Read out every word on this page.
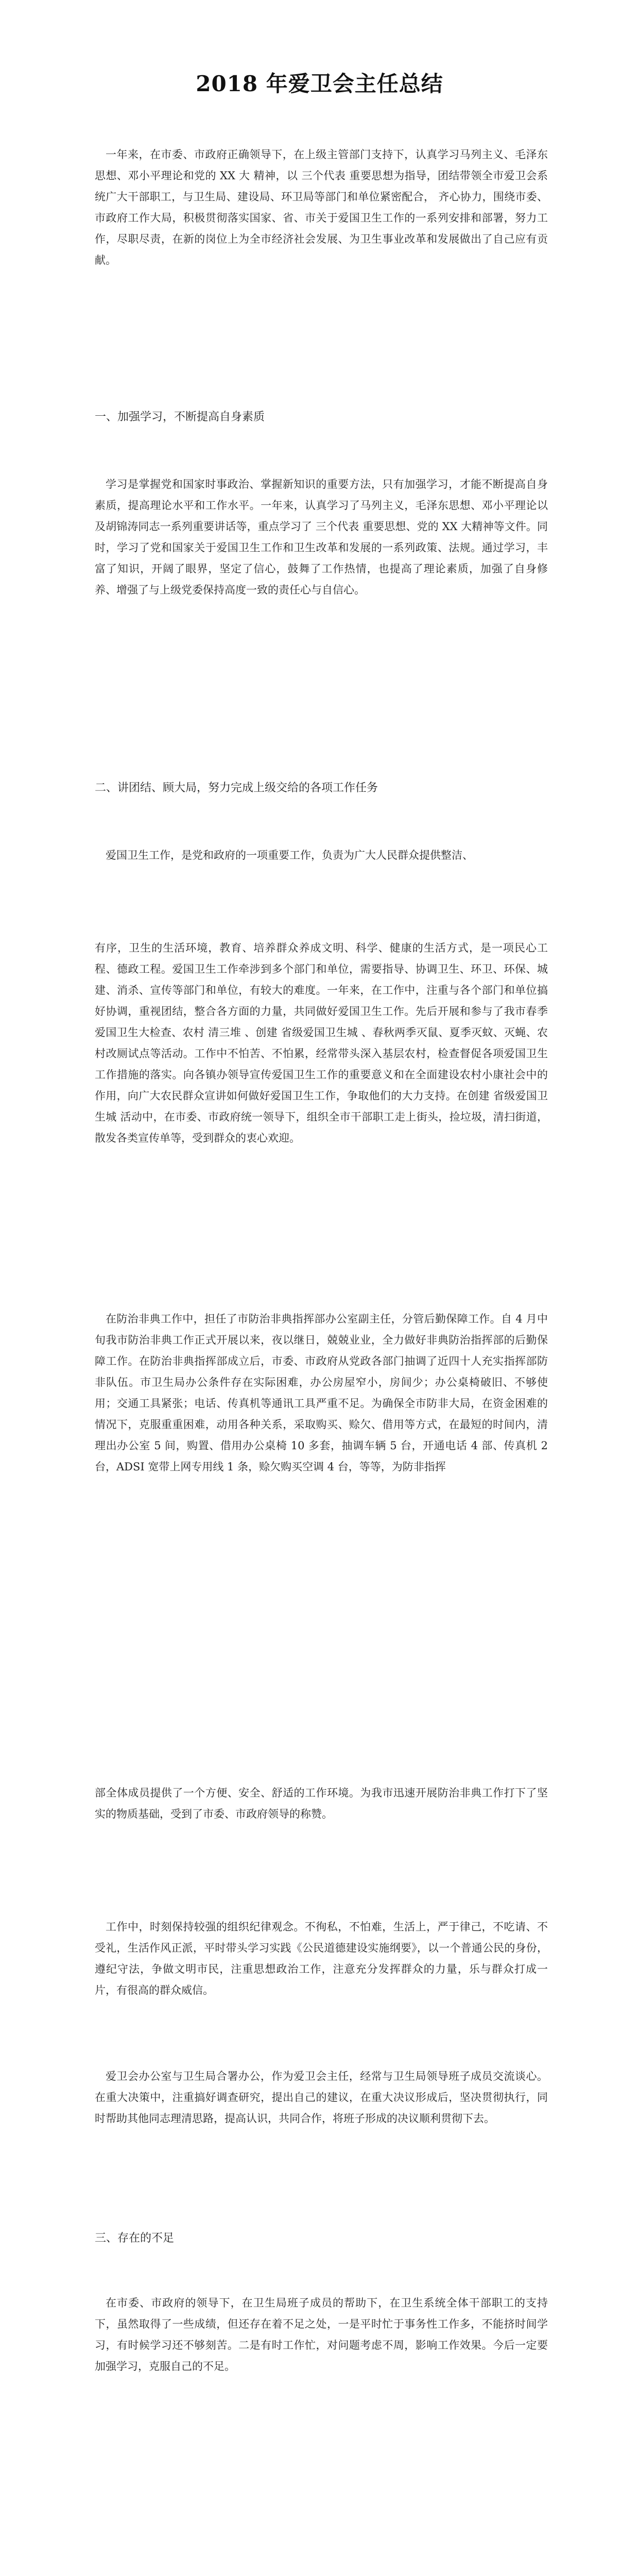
2018 年爱卫会主任总结
一年来，在市委、市政府正确领导下，在上级主管部门支持下，认真学习马列主义、毛泽东思想、邓小平理论和党的 XX 大 精神，以 三个代表 重要思想为指导，团结带领全市爱卫会系统广大干部职工，与卫生局、建设局、环卫局等部门和单位紧密配合， 齐心协力，围绕市委、市政府工作大局，积极贯彻落实国家、省、市关于爱国卫生工作的一系列安排和部署，努力工作，尽职尽责，在新的岗位上为全市经济社会发展、为卫生事业改革和发展做出了自己应有贡献。
一、加强学习，不断提高自身素质
学习是掌握党和国家时事政治、掌握新知识的重要方法，只有加强学习，才能不断提高自身素质，提高理论水平和工作水平。一年来，认真学习了马列主义，毛泽东思想、邓小平理论以及胡锦涛同志一系列重要讲话等，重点学习了 三个代表 重要思想、党的 XX 大精神等文件。同时，学习了党和国家关于爱国卫生工作和卫生改革和发展的一系列政策、法规。通过学习，丰富了知识，开阔了眼界，坚定了信心，鼓舞了工作热情，也提高了理论素质，加强了自身修养、增强了与上级党委保持高度一致的责任心与自信心。
二、讲团结、顾大局，努力完成上级交给的各项工作任务
爱国卫生工作，是党和政府的一项重要工作，负责为广大人民群众提供整洁、
有序，卫生的生活环境，教育、培养群众养成文明、科学、健康的生活方式，是一项民心工程、德政工程。爱国卫生工作牵涉到多个部门和单位，需要指导、协调卫生、环卫、环保、城建、消杀、宣传等部门和单位，有较大的难度。一年来，在工作中，注重与各个部门和单位搞好协调，重视团结，整合各方面的力量，共同做好爱国卫生工作。先后开展和参与了我市春季爱国卫生大检查、农村 清三堆 、创建 省级爱国卫生城 、春秋两季灭鼠、夏季灭蚊、灭蝇、农村改厕试点等活动。工作中不怕苦、不怕累，经常带头深入基层农村，检查督促各项爱国卫生工作措施的落实。向各镇办领导宣传爱国卫生工作的重要意义和在全面建设农村小康社会中的作用，向广大农民群众宣讲如何做好爱国卫生工作，争取他们的大力支持。在创建 省级爱国卫生城 活动中，在市委、市政府统一领导下，组织全市干部职工走上街头，捡垃圾，清扫街道，散发各类宣传单等，受到群众的衷心欢迎。
在防治非典工作中，担任了市防治非典指挥部办公室副主任，分管后勤保障工作。自 4 月中旬我市防治非典工作正式开展以来，夜以继日，兢兢业业，全力做好非典防治指挥部的后勤保障工作。在防治非典指挥部成立后，市委、市政府从党政各部门抽调了近四十人充实指挥部防非队伍。市卫生局办公条件存在实际困难，办公房屋窄小，房间少；办公桌椅破旧、不够使用；交通工具紧张；电话、传真机等通讯工具严重不足。为确保全市防非大局，在资金困难的情况下，克服重重困难，动用各种关系，采取购买、赊欠、借用等方式，在最短的时间内，清理出办公室 5 间，购置、借用办公桌椅 10 多套，抽调车辆 5 台，开通电话 4 部、传真机 2 台，ADSI 宽带上网专用线 1 条，赊欠购买空调 4 台，等等，为防非指挥
部全体成员提供了一个方便、安全、舒适的工作环境。为我市迅速开展防治非典工作打下了坚实的物质基础，受到了市委、市政府领导的称赞。
工作中，时刻保持较强的组织纪律观念。不徇私，不怕难，生活上，严于律己，不吃请、不受礼，生活作风正派，平时带头学习实践《公民道德建设实施纲要》，以一个普通公民的身份，遵纪守法，争做文明市民，注重思想政治工作，注意充分发挥群众的力量，乐与群众打成一片，有很高的群众威信。
爱卫会办公室与卫生局合署办公，作为爱卫会主任，经常与卫生局领导班子成员交流谈心。在重大决策中，注重搞好调查研究，提出自己的建议，在重大决议形成后，坚决贯彻执行，同时帮助其他同志理清思路，提高认识，共同合作，将班子形成的决议顺利贯彻下去。
三、存在的不足
在市委、市政府的领导下，在卫生局班子成员的帮助下，在卫生系统全体干部职工的支持下，虽然取得了一些成绩，但还存在着不足之处，一是平时忙于事务性工作多，不能挤时间学习，有时候学习还不够刻苦。二是有时工作忙，对问题考虑不周，影响工作效果。今后一定要加强学习，克服自己的不足。
